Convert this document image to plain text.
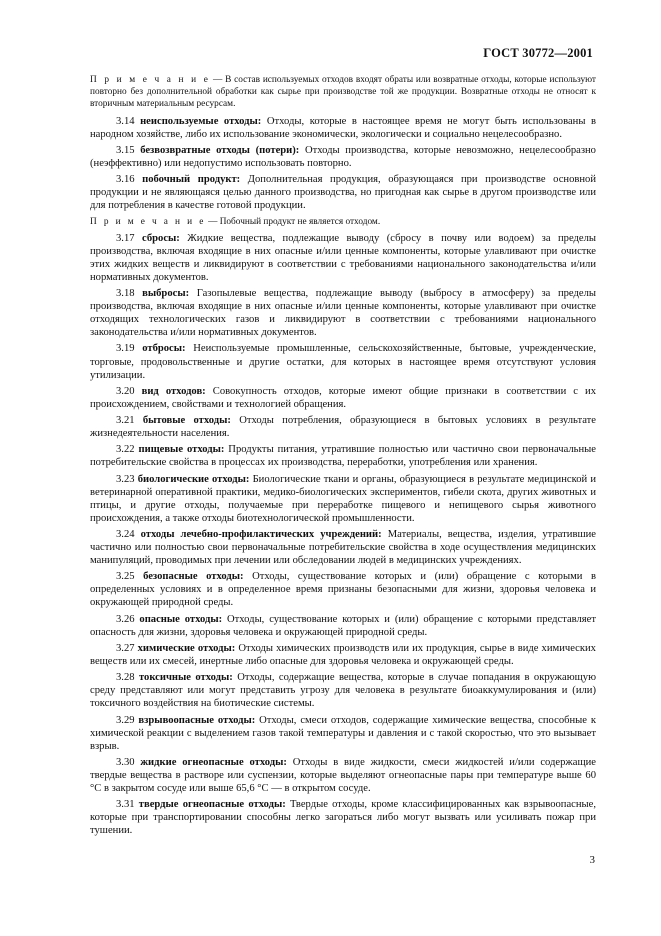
ГОСТ 30772—2001

П р и м е ч а н и е — В состав используемых отходов входят обраты или возвратные отходы, которые используют повторно без дополнительной обработки как сырье при производстве той же продукции. Возвратные отходы не относят к вторичным материальным ресурсам.

3.14 неиспользуемые отходы: Отходы, которые в настоящее время не могут быть использованы в народном хозяйстве, либо их использование экономически, экологически и социально нецелесообразно.

3.15 безвозвратные отходы (потери): Отходы производства, которые невозможно, нецелесообразно (неэффективно) или недопустимо использовать повторно.

3.16 побочный продукт: Дополнительная продукция, образующаяся при производстве основной продукции и не являющаяся целью данного производства, но пригодная как сырье в другом производстве или для потребления в качестве готовой продукции.

П р и м е ч а н и е — Побочный продукт не является отходом.

3.17 сбросы: Жидкие вещества, подлежащие выводу (сбросу в почву или водоем) за пределы производства, включая входящие в них опасные и/или ценные компоненты, которые улавливают при очистке этих жидких веществ и ликвидируют в соответствии с требованиями национального законодательства и/или нормативных документов.

3.18 выбросы: Газопылевые вещества, подлежащие выводу (выбросу в атмосферу) за пределы производства, включая входящие в них опасные и/или ценные компоненты, которые улавливают при очистке отходящих технологических газов и ликвидируют в соответствии с требованиями национального законодательства и/или нормативных документов.

3.19 отбросы: Неиспользуемые промышленные, сельскохозяйственные, бытовые, учрежденческие, торговые, продовольственные и другие остатки, для которых в настоящее время отсутствуют условия утилизации.

3.20 вид отходов: Совокупность отходов, которые имеют общие признаки в соответствии с их происхождением, свойствами и технологией обращения.

3.21 бытовые отходы: Отходы потребления, образующиеся в бытовых условиях в результате жизнедеятельности населения.

3.22 пищевые отходы: Продукты питания, утратившие полностью или частично свои первоначальные потребительские свойства в процессах их производства, переработки, употребления или хранения.

3.23 биологические отходы: Биологические ткани и органы, образующиеся в результате медицинской и ветеринарной оперативной практики, медико-биологических экспериментов, гибели скота, других животных и птицы, и другие отходы, получаемые при переработке пищевого и непищевого сырья животного происхождения, а также отходы биотехнологической промышленности.

3.24 отходы лечебно-профилактических учреждений: Материалы, вещества, изделия, утратившие частично или полностью свои первоначальные потребительские свойства в ходе осуществления медицинских манипуляций, проводимых при лечении или обследовании людей в медицинских учреждениях.

3.25 безопасные отходы: Отходы, существование которых и (или) обращение с которыми в определенных условиях и в определенное время признаны безопасными для жизни, здоровья человека и окружающей природной среды.

3.26 опасные отходы: Отходы, существование которых и (или) обращение с которыми представляет опасность для жизни, здоровья человека и окружающей природной среды.

3.27 химические отходы: Отходы химических производств или их продукция, сырье в виде химических веществ или их смесей, инертные либо опасные для здоровья человека и окружающей среды.

3.28 токсичные отходы: Отходы, содержащие вещества, которые в случае попадания в окружающую среду представляют или могут представить угрозу для человека в результате биоаккумулирования и (или) токсичного воздействия на биотические системы.

3.29 взрывоопасные отходы: Отходы, смеси отходов, содержащие химические вещества, способные к химической реакции с выделением газов такой температуры и давления и с такой скоростью, что это вызывает взрыв.

3.30 жидкие огнеопасные отходы: Отходы в виде жидкости, смеси жидкостей и/или содержащие твердые вещества в растворе или суспензии, которые выделяют огнеопасные пары при температуре выше 60 °С в закрытом сосуде или выше 65,6 °С — в открытом сосуде.

3.31 твердые огнеопасные отходы: Твердые отходы, кроме классифицированных как взрывоопасные, которые при транспортировании способны легко загораться либо могут вызвать или усиливать пожар при тушении.

3
